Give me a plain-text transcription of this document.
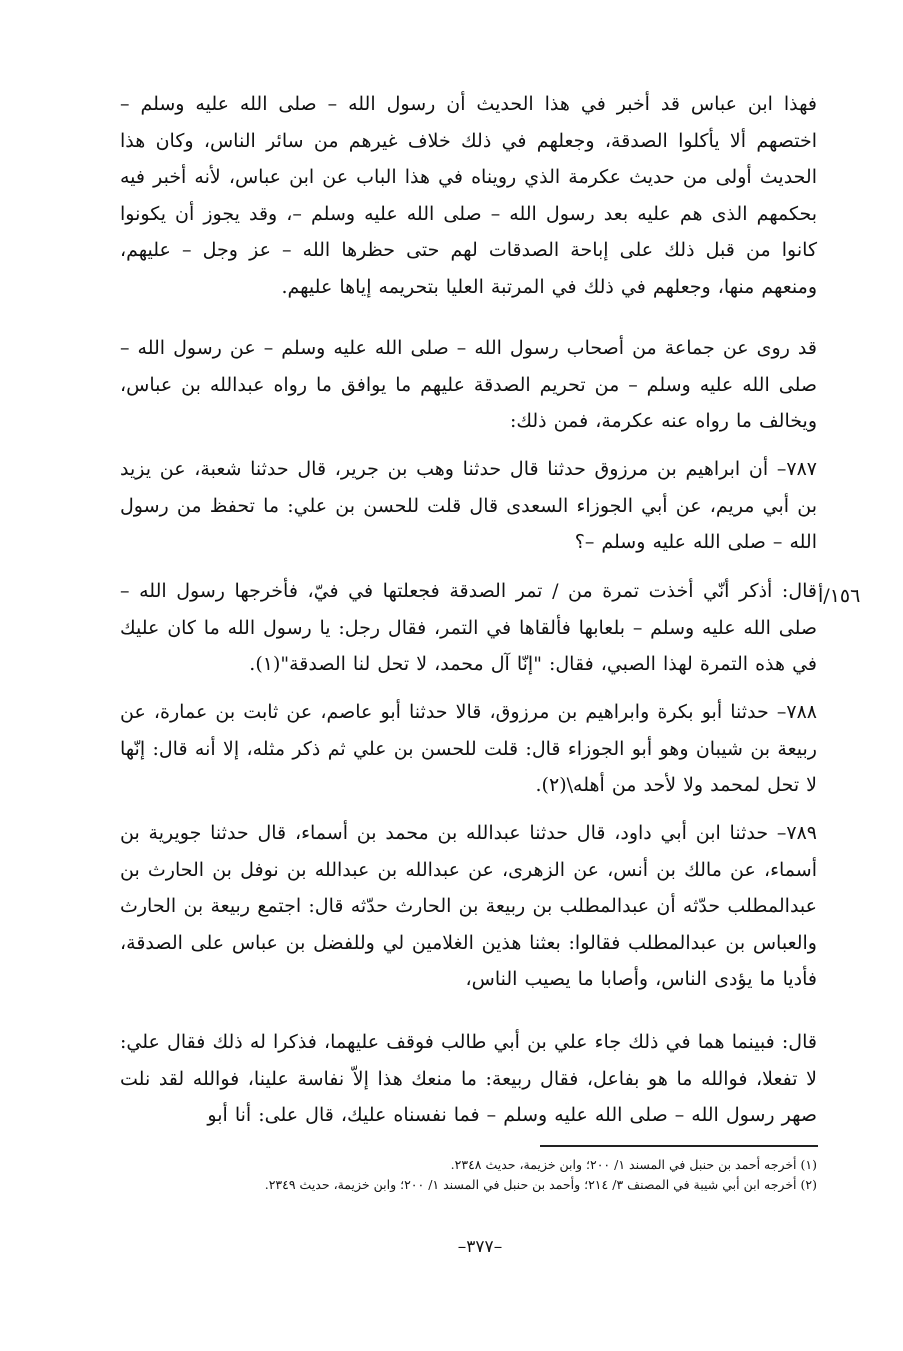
فهذا ابن عباس قد أخبر في هذا الحديث أن رسول الله – صلى الله عليه وسلم – اختصهم ألا يأكلوا الصدقة، وجعلهم في ذلك خلاف غيرهم من سائر الناس، وكان هذا الحديث أولى من حديث عكرمة الذي رويناه في هذا الباب عن ابن عباس، لأنه أخبر فيه بحكمهم الذى هم عليه بعد رسول الله – صلى الله عليه وسلم –، وقد يجوز أن يكونوا كانوا من قبل ذلك على إباحة الصدقات لهم حتى حظرها الله – عز وجل – عليهم، ومنعهم منها، وجعلهم في ذلك في المرتبة العليا بتحريمه إياها عليهم.

قد روى عن جماعة من أصحاب رسول الله – صلى الله عليه وسلم – عن رسول الله – صلى الله عليه وسلم – من تحريم الصدقة عليهم ما يوافق ما رواه عبدالله بن عباس، ويخالف ما رواه عنه عكرمة، فمن ذلك:

٧٨٧– أن ابراهيم بن مرزوق حدثنا قال حدثنا وهب بن جرير، قال حدثنا شعبة، عن يزيد بن أبي مريم، عن أبي الجوزاء السعدى قال قلت للحسن بن علي: ما تحفظ من رسول الله – صلى الله عليه وسلم –؟

١٥٦/أ

قال: أذكر أنّي أخذت تمرة من / تمر الصدقة فجعلتها في فيّ، فأخرجها رسول الله – صلى الله عليه وسلم – بلعابها فألقاها في التمر، فقال رجل: يا رسول الله ما كان عليك في هذه التمرة لهذا الصبي، فقال: "إنّا آل محمد، لا تحل لنا الصدقة"(١).

٧٨٨– حدثنا أبو بكرة وابراهيم بن مرزوق، قالا حدثنا أبو عاصم، عن ثابت بن عمارة، عن ربيعة بن شيبان وهو أبو الجوزاء قال: قلت للحسن بن علي ثم ذكر مثله، إلا أنه قال: إنّها لا تحل لمحمد ولا لأحد من أهله\(٢).

٧٨٩– حدثنا ابن أبي داود، قال حدثنا عبدالله بن محمد بن أسماء، قال حدثنا جويرية بن أسماء، عن مالك بن أنس، عن الزهرى، عن عبدالله بن عبدالله بن نوفل بن الحارث بن عبدالمطلب حدّثه أن عبدالمطلب بن ربيعة بن الحارث حدّثه قال: اجتمع ربيعة بن الحارث والعباس بن عبدالمطلب فقالوا: بعثنا هذين الغلامين لي وللفضل بن عباس على الصدقة، فأديا ما يؤدى الناس، وأصابا ما يصيب الناس،

قال: فبينما هما في ذلك جاء علي بن أبي طالب فوقف عليهما، فذكرا له ذلك فقال علي: لا تفعلا، فوالله ما هو بفاعل، فقال ربيعة: ما منعك هذا إلاّ نفاسة علينا، فوالله لقد نلت صهر رسول الله – صلى الله عليه وسلم – فما نفسناه عليك، قال على: أنا أبو

(١) أخرجه أحمد بن حنبل في المسند ١/ ٢٠٠؛ وابن خزيمة، حديث ٢٣٤٨.
(٢) أخرجه ابن أبي شيبة في المصنف ٣/ ٢١٤؛ وأحمد بن حنبل في المسند ١/ ٢٠٠؛ وابن خزيمة، حديث ٢٣٤٩.
–٣٧٧–
